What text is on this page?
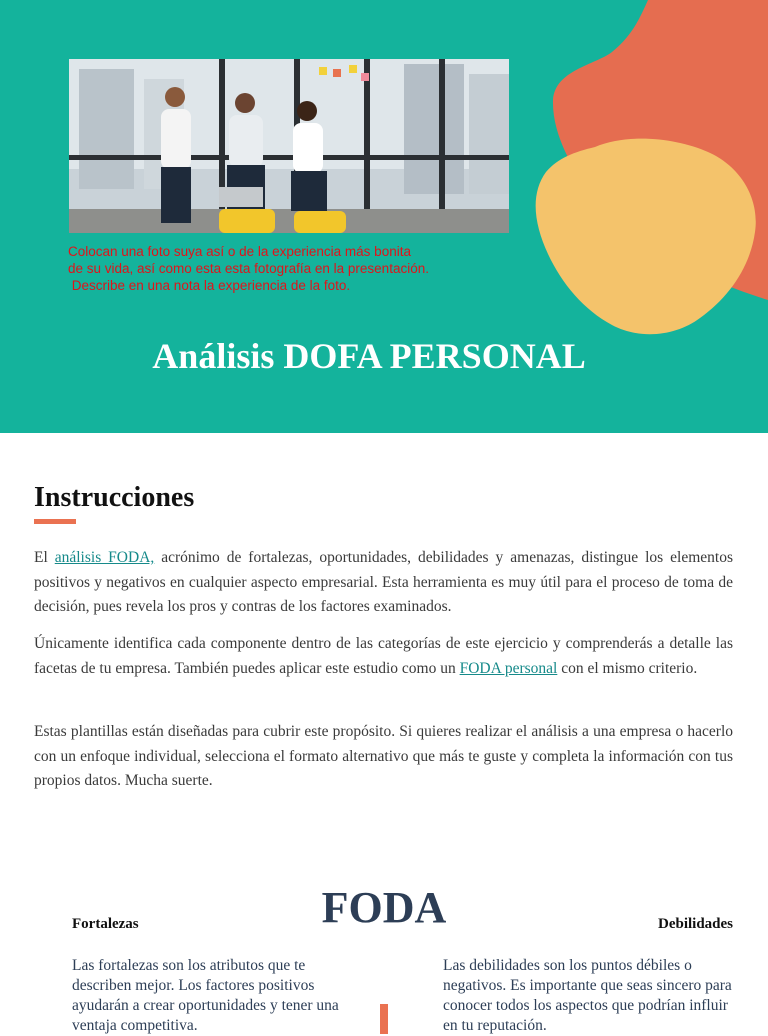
Colocan una foto suya así o de la experiencia más bonita
de su vida, así como esta esta fotografía en la presentación.
Describe en una nota la experiencia de la foto.

Análisis DOFA PERSONAL
Instrucciones

El análisis FODA, acrónimo de fortalezas, oportunidades, debilidades y amenazas, distingue los elementos positivos y negativos en cualquier aspecto empresarial. Esta herramienta es muy útil para el proceso de toma de decisión, pues revela los pros y contras de los factores examinados.

Únicamente identifica cada componente dentro de las categorías de este ejercicio y comprenderás a detalle las facetas de tu empresa. También puedes aplicar este estudio como un FODA personal con el mismo criterio.

Estas plantillas están diseñadas para cubrir este propósito. Si quieres realizar el análisis a una empresa o hacerlo con un enfoque individual, selecciona el formato alternativo que más te guste y completa la información con tus propios datos. Mucha suerte.

FODA
Fortalezas	Debilidades

Las fortalezas son los atributos que te describen mejor. Los factores positivos ayudarán a crear oportunidades y tener una ventaja competitiva.

Las debilidades son los puntos débiles o negativos. Es importante que seas sincero para conocer todos los aspectos que podrían influir en tu reputación.
